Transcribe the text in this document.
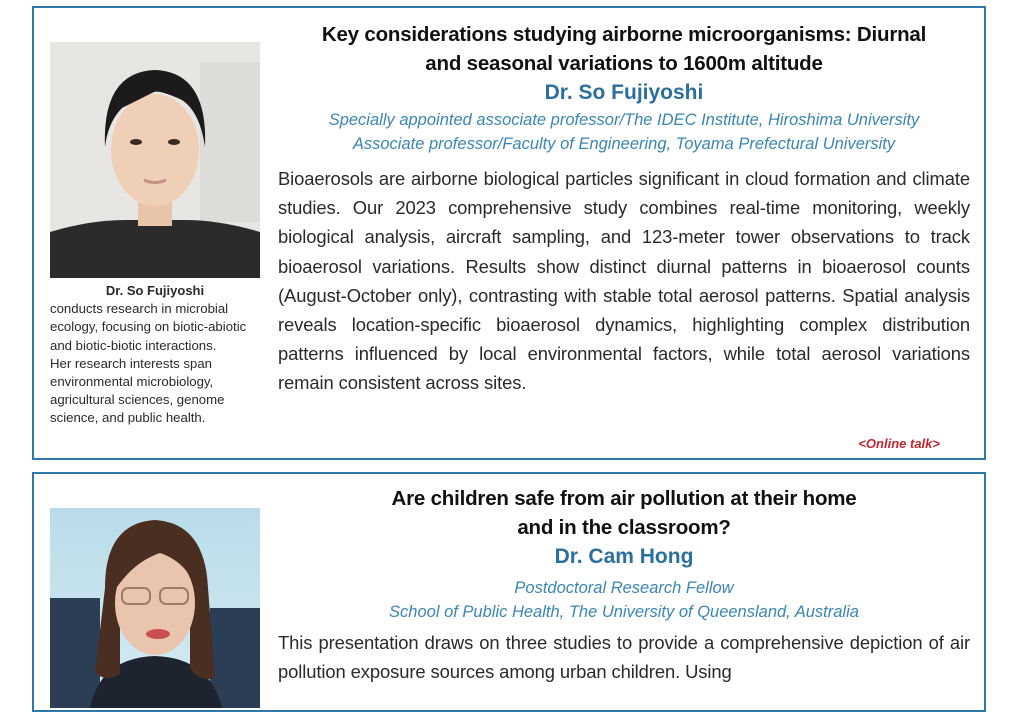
Dr. So Fujiyoshi
conducts research in microbial ecology, focusing on biotic-abiotic and biotic-biotic interactions.
Her research interests span environmental microbiology, agricultural sciences, genome science, and public health.
Key considerations studying airborne microorganisms: Diurnal
and seasonal variations to 1600m altitude
Dr. So Fujiyoshi
Specially appointed associate professor/The IDEC Institute, Hiroshima University
Associate professor/Faculty of Engineering, Toyama Prefectural University
Bioaerosols are airborne biological particles significant in cloud formation and climate studies. Our 2023 comprehensive study combines real-time monitoring, weekly biological analysis, aircraft sampling, and 123-meter tower observations to track bioaerosol variations. Results show distinct diurnal patterns in bioaerosol counts (August-October only), contrasting with stable total aerosol patterns. Spatial analysis reveals location-specific bioaerosol dynamics, highlighting complex distribution patterns influenced by local environmental factors, while total aerosol variations remain consistent across sites.
<Online talk>
Are children safe from air pollution at their home
and in the classroom?
Dr. Cam Hong
Postdoctoral Research Fellow
School of Public Health, The University of Queensland, Australia
This presentation draws on three studies to provide a comprehensive depiction of air pollution exposure sources among urban children. Using
